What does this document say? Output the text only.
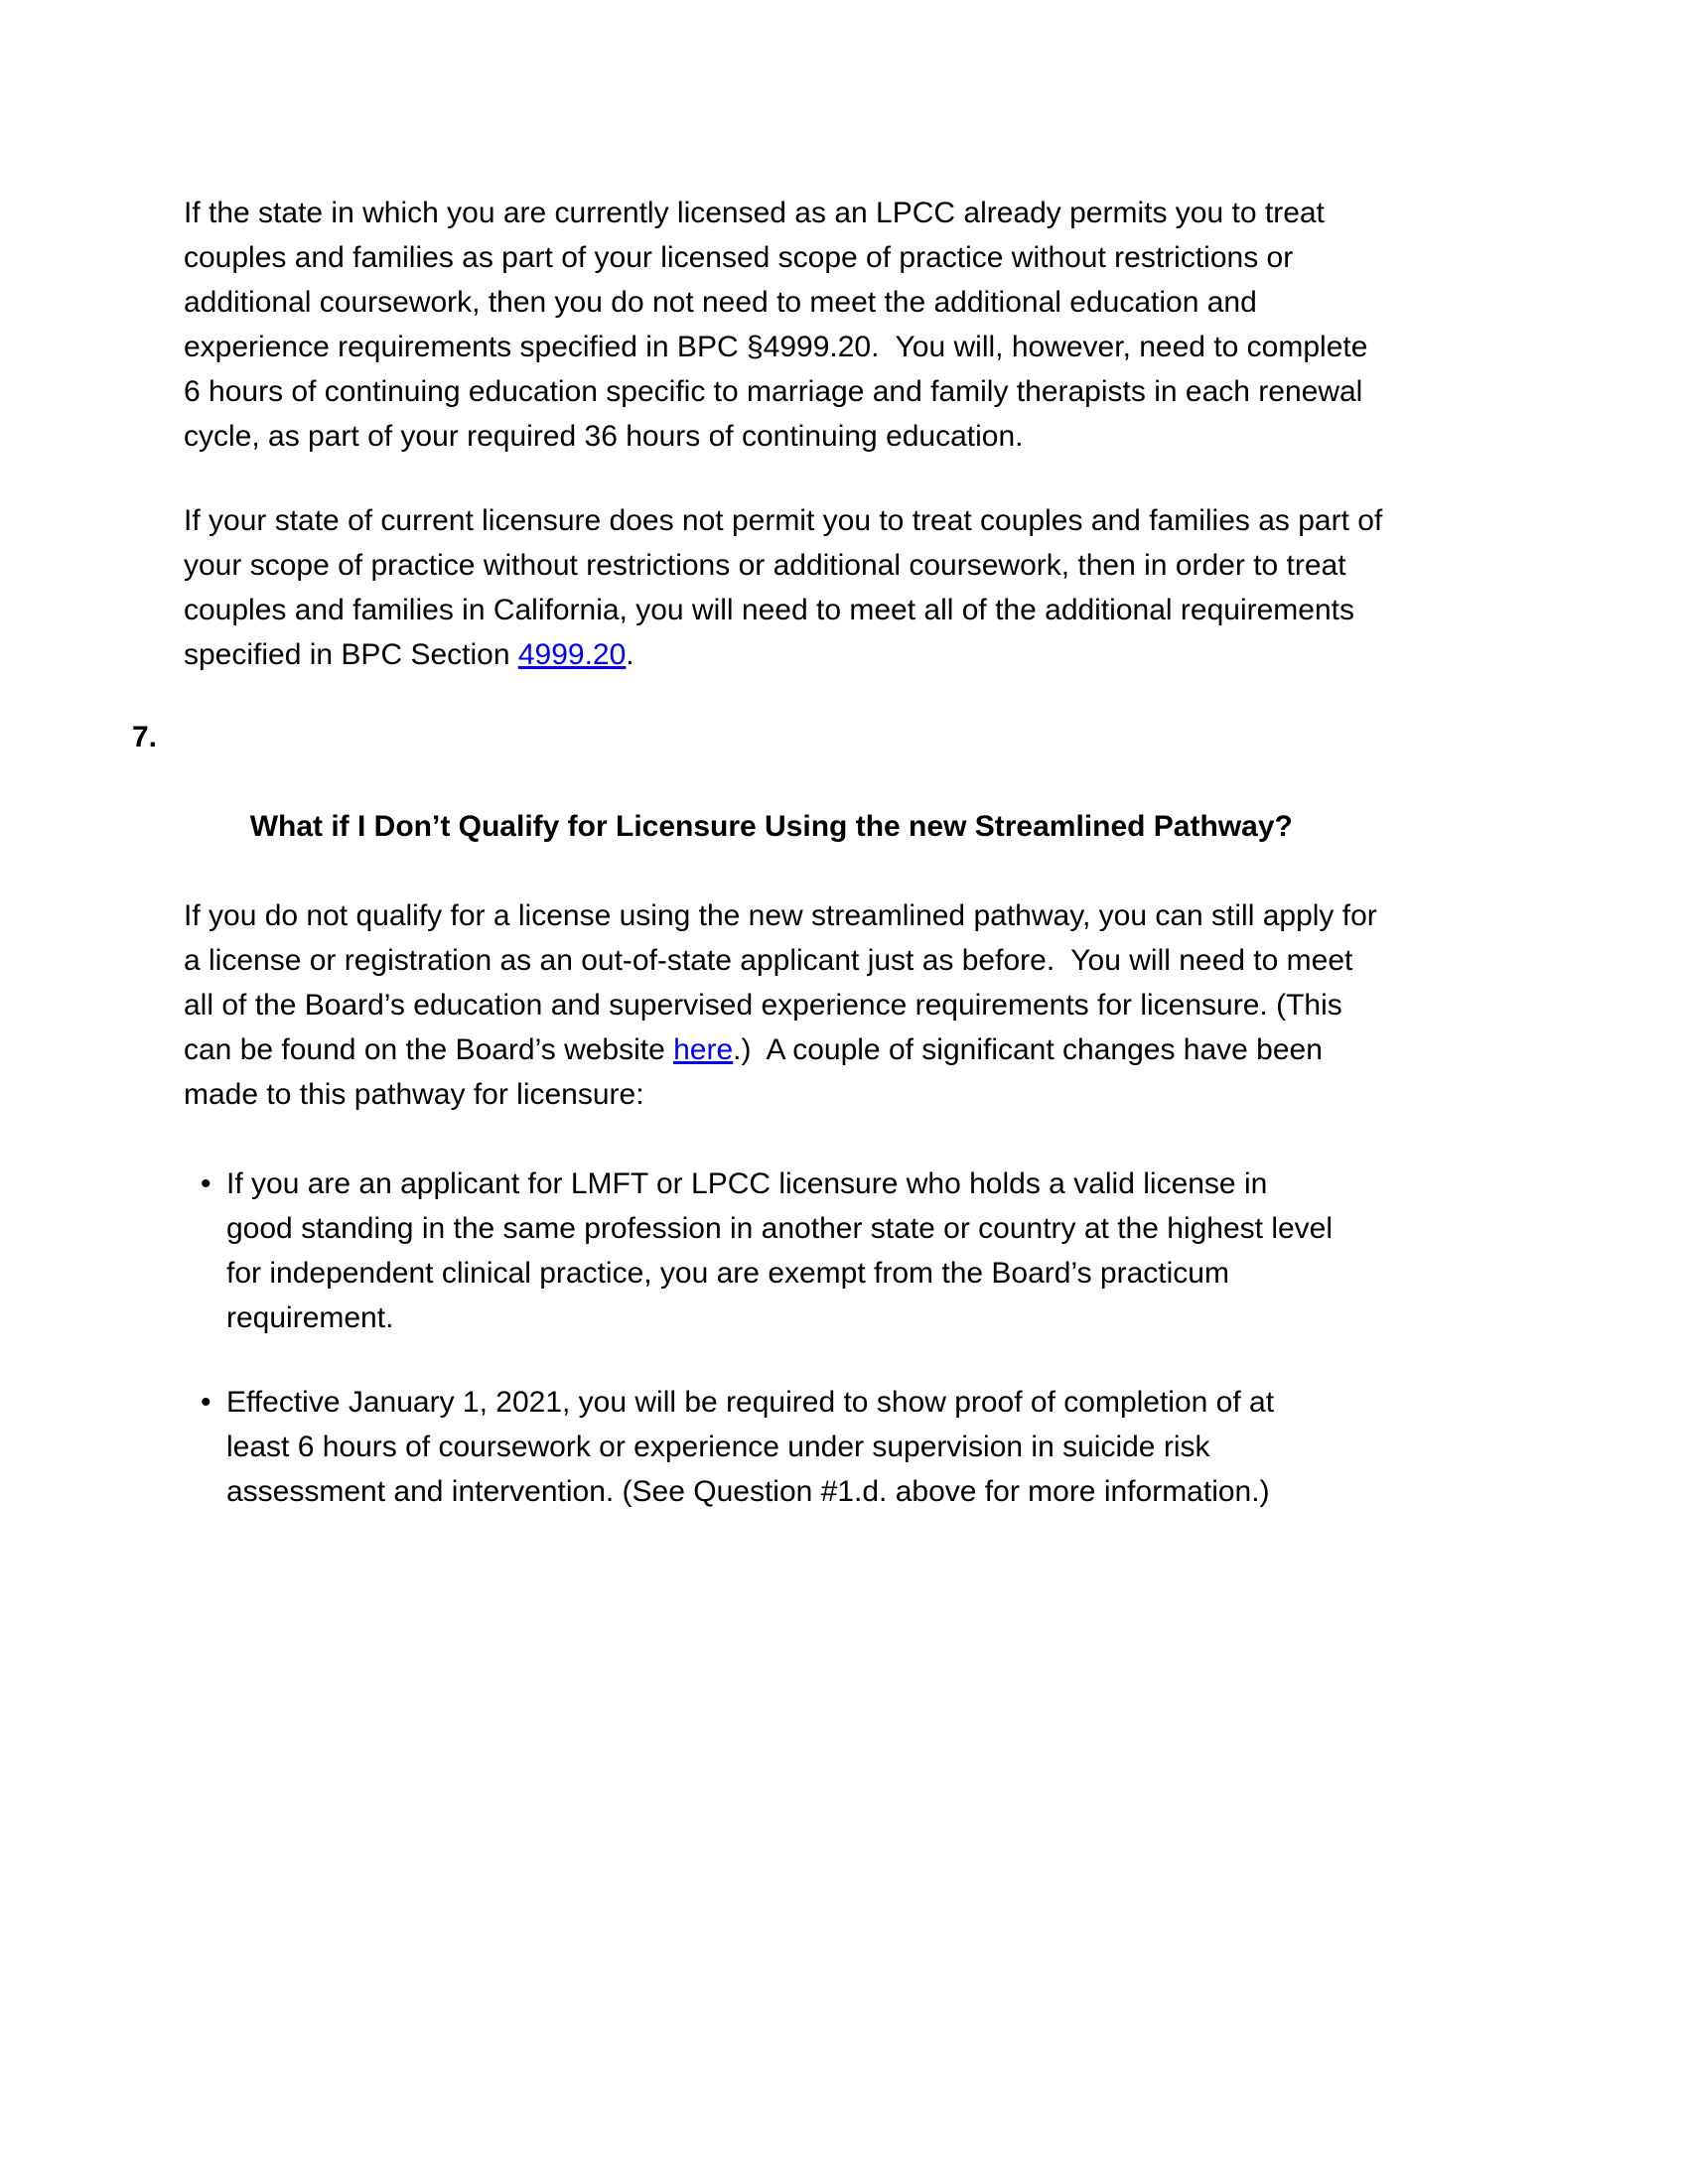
If the state in which you are currently licensed as an LPCC already permits you to treat
couples and families as part of your licensed scope of practice without restrictions or
additional coursework, then you do not need to meet the additional education and
experience requirements specified in BPC §4999.20.  You will, however, need to complete
6 hours of continuing education specific to marriage and family therapists in each renewal
cycle, as part of your required 36 hours of continuing education.

If your state of current licensure does not permit you to treat couples and families as part of
your scope of practice without restrictions or additional coursework, then in order to treat
couples and families in California, you will need to meet all of the additional requirements
specified in BPC Section 4999.20.

7.

What if I Don’t Qualify for Licensure Using the new Streamlined Pathway?

If you do not qualify for a license using the new streamlined pathway, you can still apply for
a license or registration as an out-of-state applicant just as before.  You will need to meet
all of the Board’s education and supervised experience requirements for licensure. (This
can be found on the Board’s website here.)  A couple of significant changes have been
made to this pathway for licensure:
• If you are an applicant for LMFT or LPCC licensure who holds a valid license in
good standing in the same profession in another state or country at the highest level
for independent clinical practice, you are exempt from the Board’s practicum
requirement.
• Effective January 1, 2021, you will be required to show proof of completion of at
least 6 hours of coursework or experience under supervision in suicide risk
assessment and intervention. (See Question #1.d. above for more information.)
